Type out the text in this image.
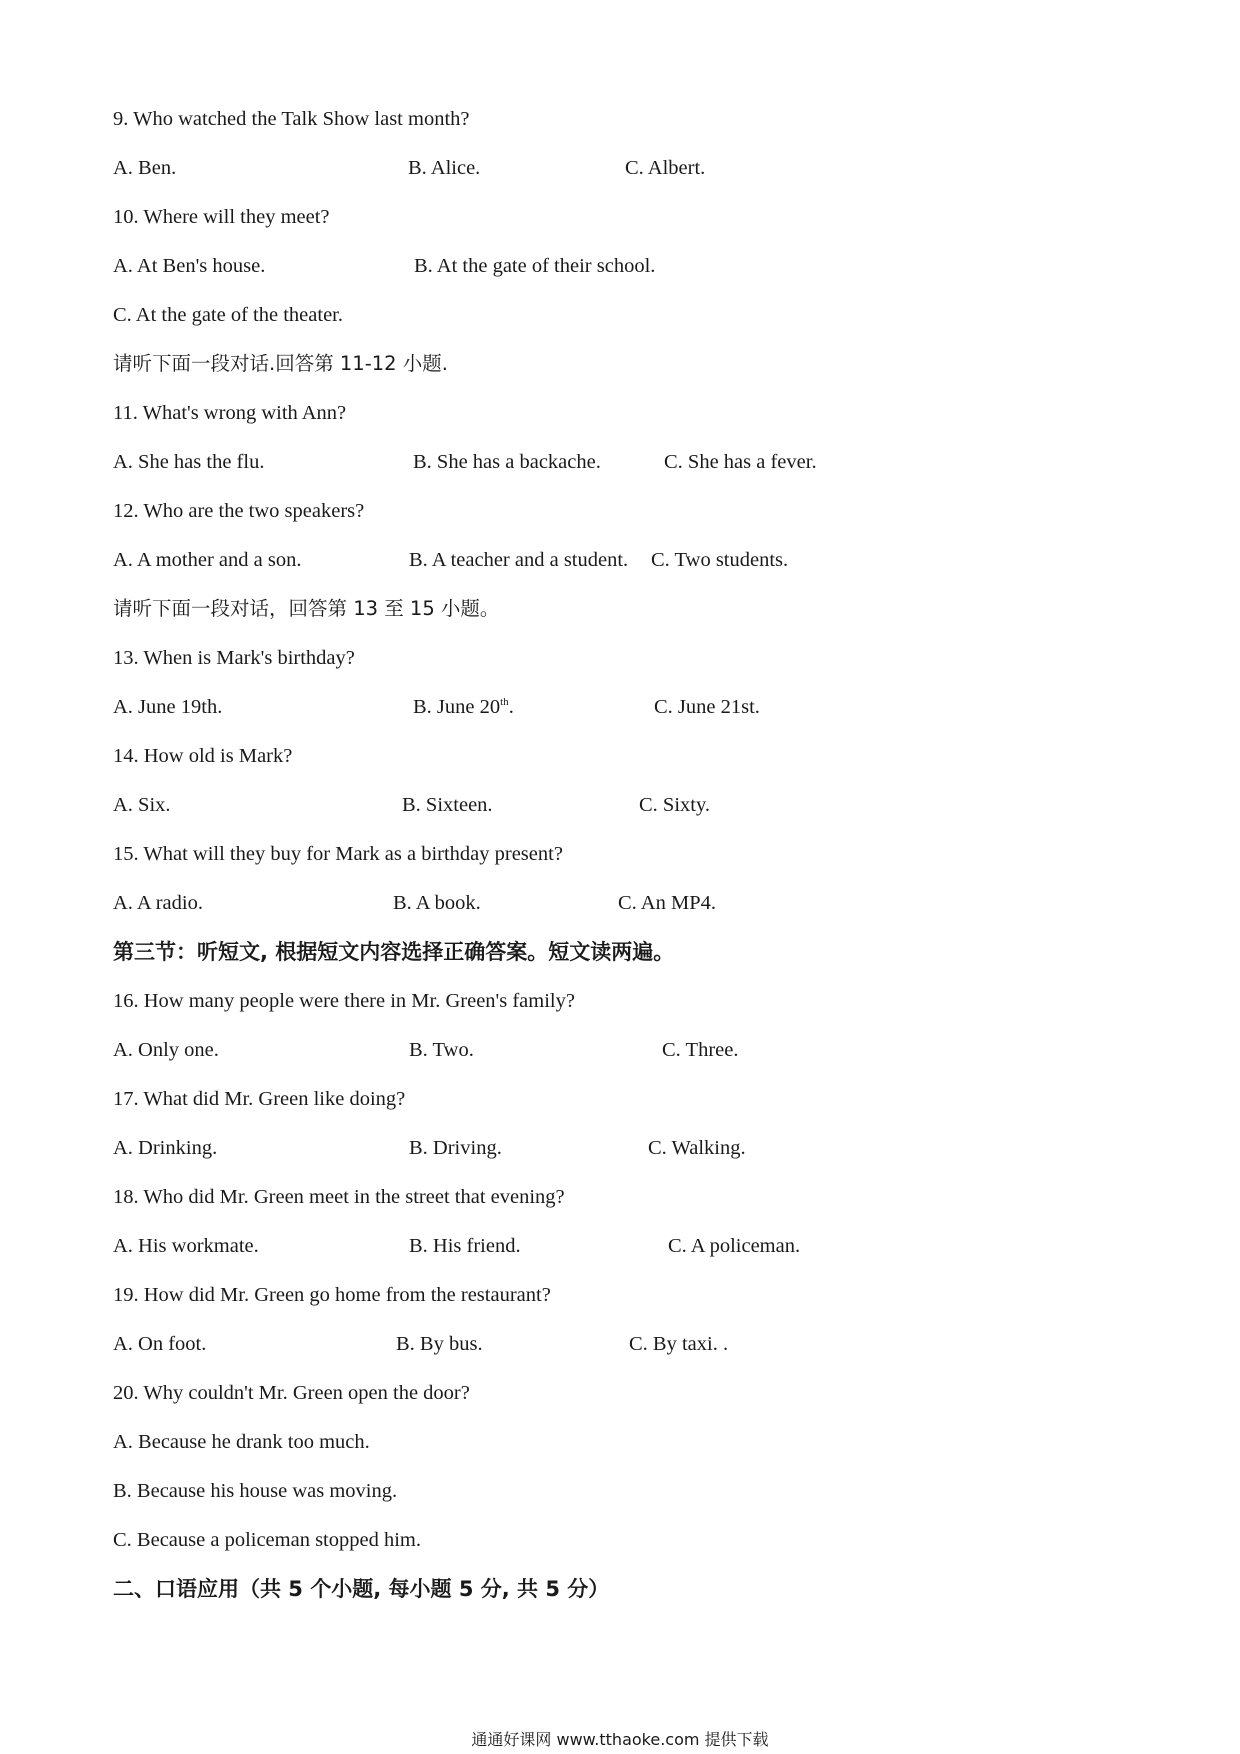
9. Who watched the Talk Show last month?
A. Ben.	B. Alice.	C. Albert.
10. Where will they meet?
A. At Ben's house.	B. At the gate of their school.
C. At the gate of the theater.
请听下面一段对话.回答第 11-12 小题.
11. What's wrong with Ann?
A. She has the flu.	B. She has a backache.	C. She has a fever.
12. Who are the two speakers?
A. A mother and a son.	B. A teacher and a student. C. Two students.
请听下面一段对话，回答第 13 至 15 小题。
13. When is Mark's birthday?
A. June 19th.	B. June 20th.	C. June 21st.
14. How old is Mark?
A. Six.	B. Sixteen.	C. Sixty.
15. What will they buy for Mark as a birthday present?
A. A radio.	B. A book.	C. An MP4.
第三节：听短文, 根据短文内容选择正确答案。短文读两遍。
16. How many people were there in Mr. Green's family?
A. Only one.	B. Two.	C. Three.
17. What did Mr. Green like doing?
A. Drinking.	B. Driving.	C. Walking.
18. Who did Mr. Green meet in the street that evening?
A. His workmate.	B. His friend.	C. A policeman.
19. How did Mr. Green go home from the restaurant?
A. On foot.	B. By bus.	C. By taxi. .
20. Why couldn't Mr. Green open the door?
A. Because he drank too much.
B. Because his house was moving.
C. Because a policeman stopped him.
二、口语应用（共 5 个小题, 每小题 5 分, 共 5 分）
通通好课网 www.tthaoke.com 提供下载
